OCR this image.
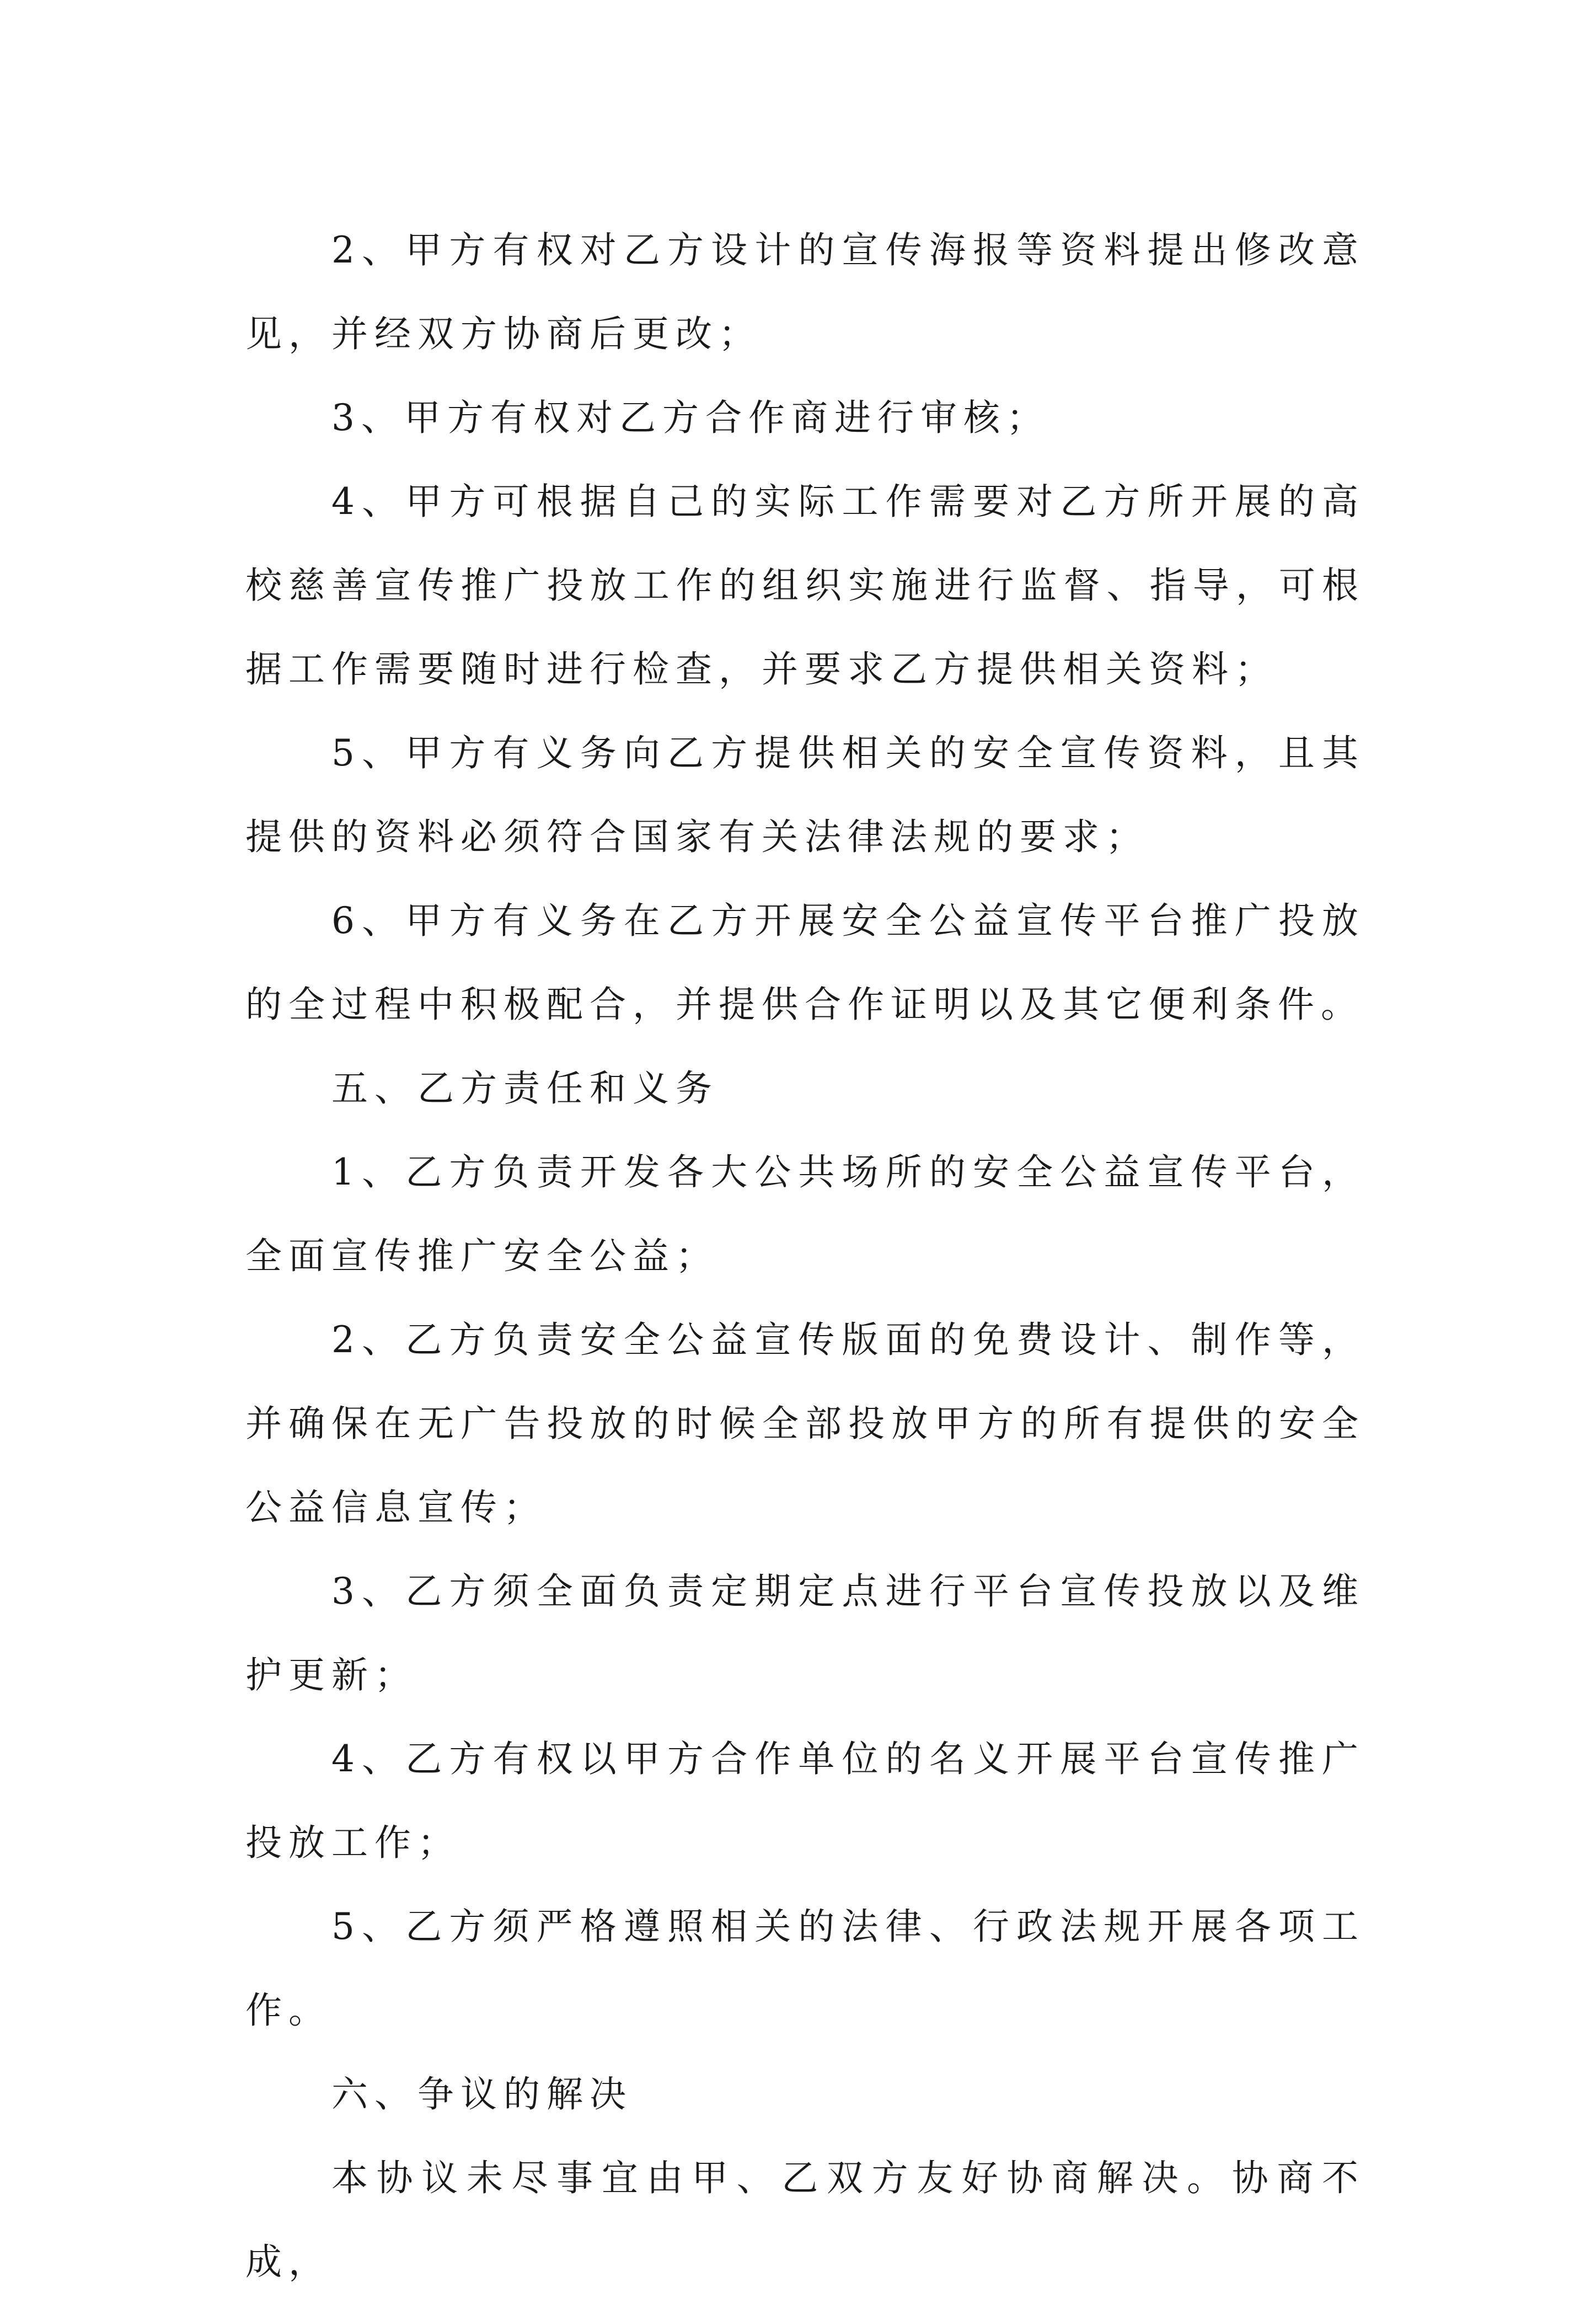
2、甲方有权对乙方设计的宣传海报等资料提出修改意见，并经双方协商后更改；

3、甲方有权对乙方合作商进行审核；

4、甲方可根据自己的实际工作需要对乙方所开展的高校慈善宣传推广投放工作的组织实施进行监督、指导，可根据工作需要随时进行检查，并要求乙方提供相关资料；

5、甲方有义务向乙方提供相关的安全宣传资料，且其提供的资料必须符合国家有关法律法规的要求；

6、甲方有义务在乙方开展安全公益宣传平台推广投放的全过程中积极配合，并提供合作证明以及其它便利条件。

五、乙方责任和义务

1、乙方负责开发各大公共场所的安全公益宣传平台，全面宣传推广安全公益；

2、乙方负责安全公益宣传版面的免费设计、制作等，并确保在无广告投放的时候全部投放甲方的所有提供的安全公益信息宣传；

3、乙方须全面负责定期定点进行平台宣传投放以及维护更新；

4、乙方有权以甲方合作单位的名义开展平台宣传推广投放工作；

5、乙方须严格遵照相关的法律、行政法规开展各项工作。

六、争议的解决

本协议未尽事宜由甲、乙双方友好协商解决。协商不成，
